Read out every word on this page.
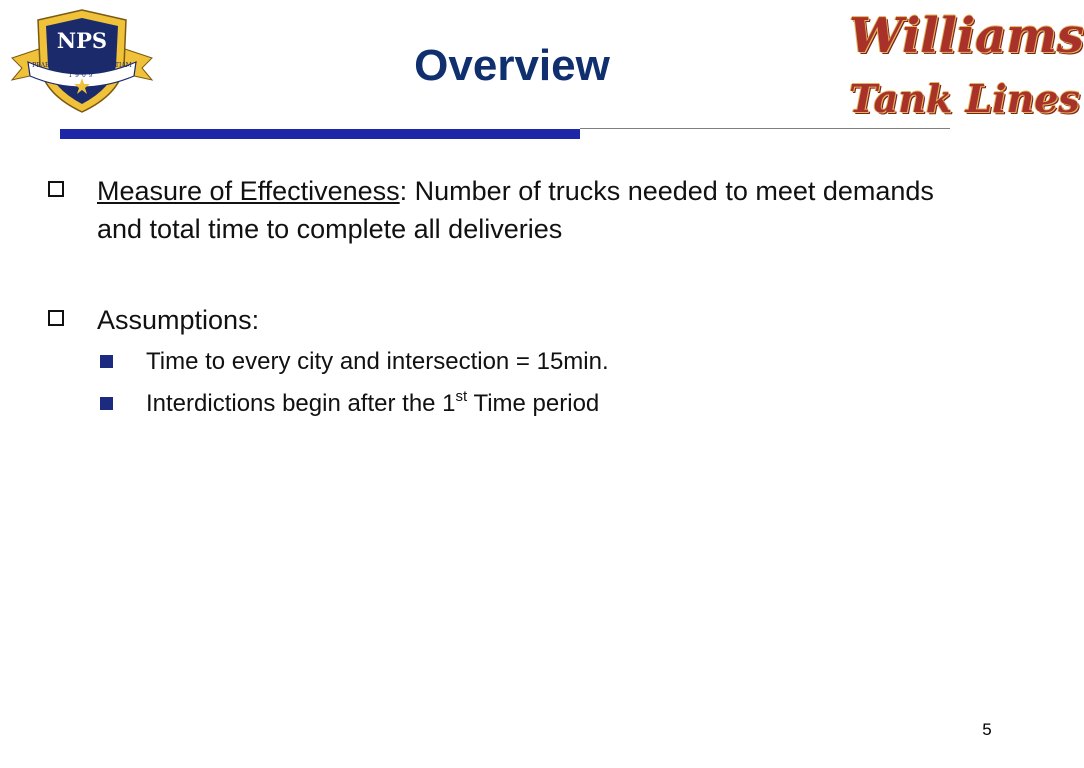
NPS
PRAESTANTIA PER SCIENTIAM
1909	Overview
Williams
Tank Lines
Measure of Effectiveness: Number of trucks needed to meet demands and total time to complete all deliveries
Assumptions:
Time to every city and intersection = 15min.
Interdictions begin after the 1st Time period
5
